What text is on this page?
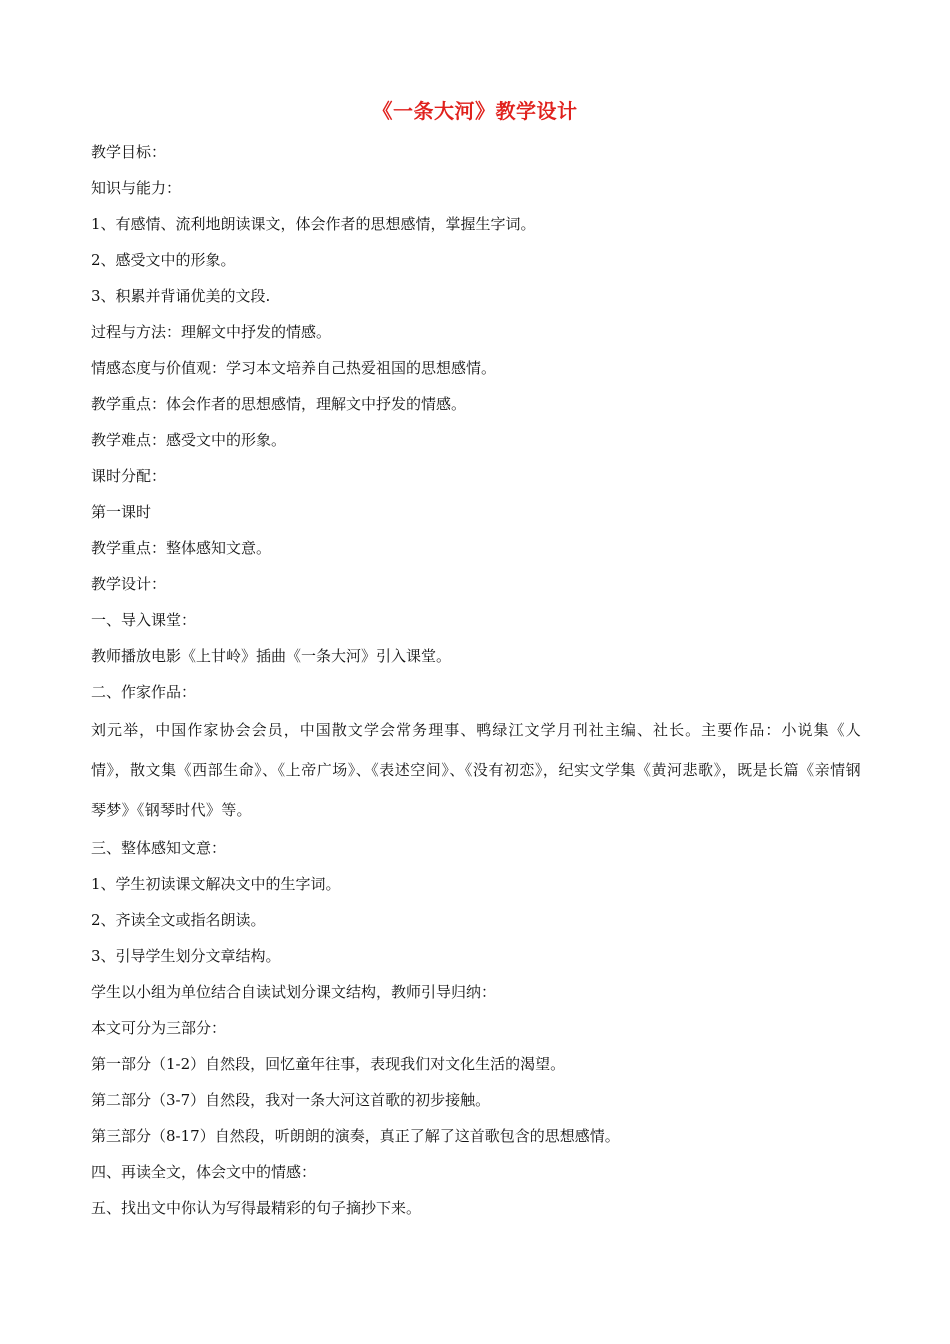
《一条大河》教学设计
教学目标：
知识与能力：
1、有感情、流利地朗读课文，体会作者的思想感情，掌握生字词。
2、感受文中的形象。
3、积累并背诵优美的文段.
过程与方法：理解文中抒发的情感。
情感态度与价值观：学习本文培养自己热爱祖国的思想感情。
教学重点：体会作者的思想感情，理解文中抒发的情感。
教学难点：感受文中的形象。
课时分配：
第一课时
教学重点：整体感知文意。
教学设计：
一、导入课堂：
教师播放电影《上甘岭》插曲《一条大河》引入课堂。
二、作家作品：
刘元举，中国作家协会会员，中国散文学会常务理事、鸭绿江文学月刊社主编、社长。主要作品：小说集《人情》，散文集《西部生命》、《上帝广场》、《表述空间》、《没有初恋》，纪实文学集《黄河悲歌》，既是长篇《亲情钢琴梦》《钢琴时代》等。
三、整体感知文意：
1、学生初读课文解决文中的生字词。
2、齐读全文或指名朗读。
3、引导学生划分文章结构。
学生以小组为单位结合自读试划分课文结构，教师引导归纳：
本文可分为三部分：
第一部分（1-2）自然段，回忆童年往事，表现我们对文化生活的渴望。
第二部分（3-7）自然段，我对一条大河这首歌的初步接触。
第三部分（8-17）自然段，听朗朗的演奏，真正了解了这首歌包含的思想感情。
四、再读全文，体会文中的情感：
五、找出文中你认为写得最精彩的句子摘抄下来。
